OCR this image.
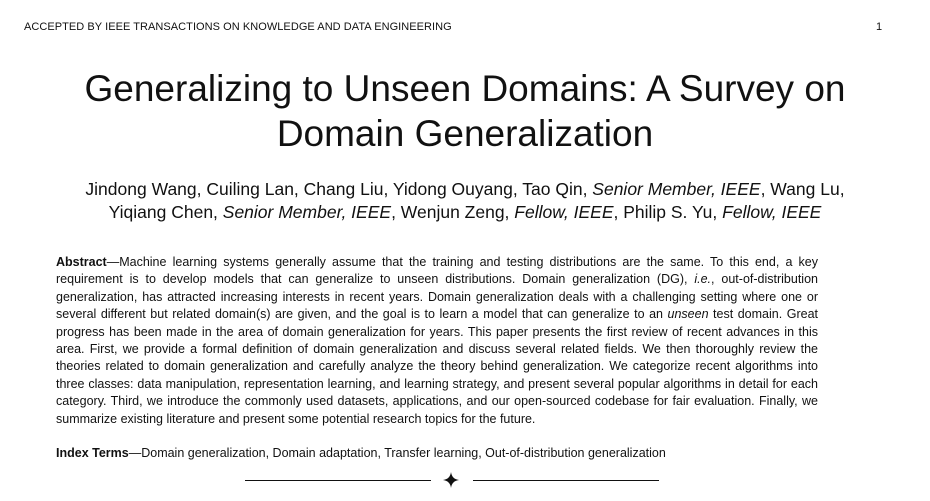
ACCEPTED BY IEEE TRANSACTIONS ON KNOWLEDGE AND DATA ENGINEERING	1
Generalizing to Unseen Domains: A Survey on
Domain Generalization
Jindong Wang, Cuiling Lan, Chang Liu, Yidong Ouyang, Tao Qin, Senior Member, IEEE, Wang Lu,
Yiqiang Chen, Senior Member, IEEE, Wenjun Zeng, Fellow, IEEE, Philip S. Yu, Fellow, IEEE
Abstract—Machine learning systems generally assume that the training and testing distributions are the same. To this end, a key requirement is to develop models that can generalize to unseen distributions. Domain generalization (DG), i.e., out-of-distribution generalization, has attracted increasing interests in recent years. Domain generalization deals with a challenging setting where one or several different but related domain(s) are given, and the goal is to learn a model that can generalize to an unseen test domain. Great progress has been made in the area of domain generalization for years. This paper presents the first review of recent advances in this area. First, we provide a formal definition of domain generalization and discuss several related fields. We then thoroughly review the theories related to domain generalization and carefully analyze the theory behind generalization. We categorize recent algorithms into three classes: data manipulation, representation learning, and learning strategy, and present several popular algorithms in detail for each category. Third, we introduce the commonly used datasets, applications, and our open-sourced codebase for fair evaluation. Finally, we summarize existing literature and present some potential research topics for the future.
Index Terms—Domain generalization, Domain adaptation, Transfer learning, Out-of-distribution generalization
